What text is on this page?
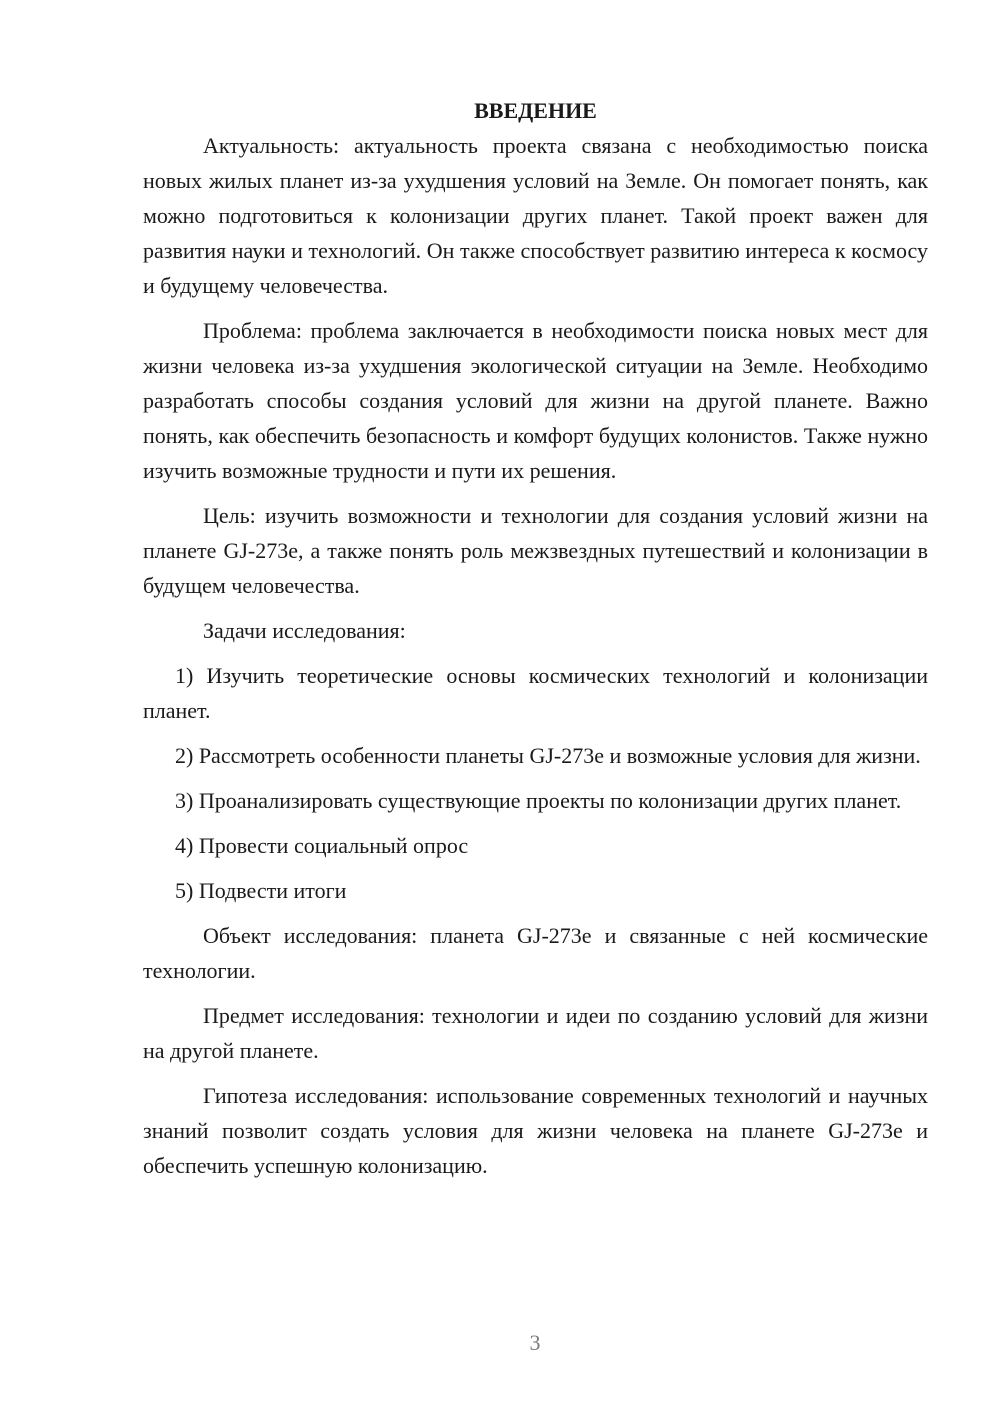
ВВЕДЕНИЕ

Актуальность: актуальность проекта связана с необходимостью поиска новых жилых планет из-за ухудшения условий на Земле. Он помогает понять, как можно подготовиться к колонизации других планет. Такой проект важен для развития науки и технологий. Он также способствует развитию интереса к космосу и будущему человечества.

Проблема: проблема заключается в необходимости поиска новых мест для жизни человека из-за ухудшения экологической ситуации на Земле. Необходимо разработать способы создания условий для жизни на другой планете. Важно понять, как обеспечить безопасность и комфорт будущих колонистов. Также нужно изучить возможные трудности и пути их решения.

Цель: изучить возможности и технологии для создания условий жизни на планете GJ-273e, а также понять роль межзвездных путешествий и колонизации в будущем человечества.

Задачи исследования:

1) Изучить теоретические основы космических технологий и колонизации планет.

2) Рассмотреть особенности планеты GJ-273e и возможные условия для жизни.

3) Проанализировать существующие проекты по колонизации других планет.

4) Провести социальный опрос

5) Подвести итоги

Объект исследования: планета GJ-273e и связанные с ней космические технологии.

Предмет исследования: технологии и идеи по созданию условий для жизни на другой планете.

Гипотеза исследования: использование современных технологий и научных знаний позволит создать условия для жизни человека на планете GJ-273e и обеспечить успешную колонизацию.

3
